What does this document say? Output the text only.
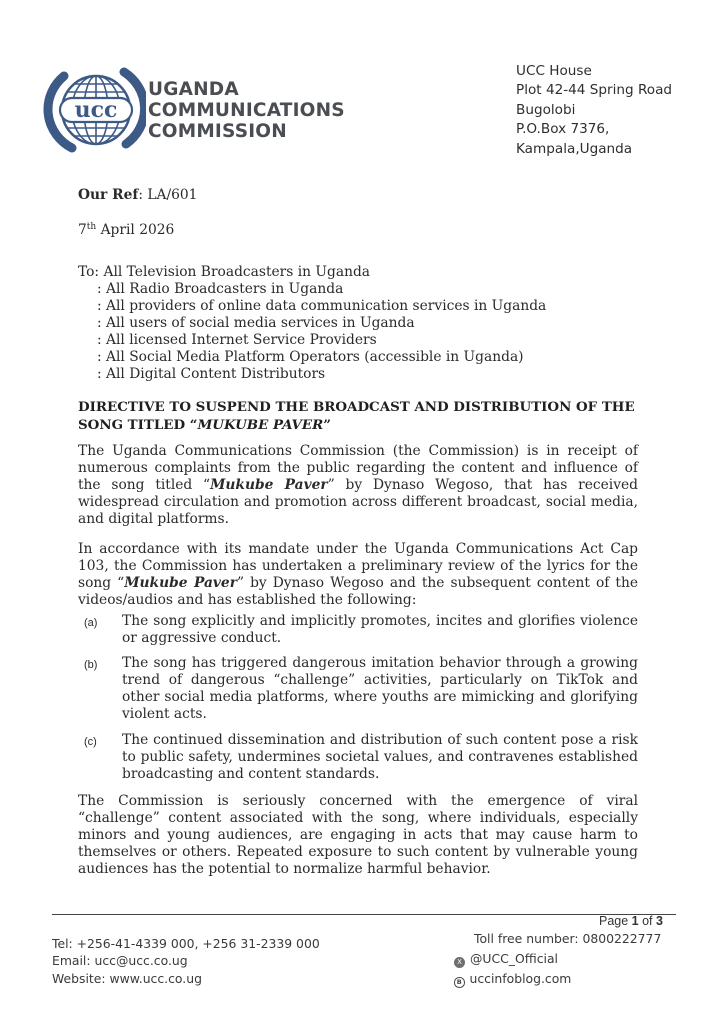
ucc
UGANDA
COMMUNICATIONS
COMMISSION
UCC House
Plot 42-44 Spring Road
Bugolobi
P.O.Box 7376,
Kampala,Uganda
Our Ref: LA/601
7th April 2026
To: All Television Broadcasters in Uganda
: All Radio Broadcasters in Uganda
: All providers of online data communication services in Uganda
: All users of social media services in Uganda
: All licensed Internet Service Providers
: All Social Media Platform Operators (accessible in Uganda)
: All Digital Content Distributors
DIRECTIVE TO SUSPEND THE BROADCAST AND DISTRIBUTION OF THE SONG TITLED “MUKUBE PAVER”
The Uganda Communications Commission (the Commission) is in receipt of numerous complaints from the public regarding the content and influence of the song titled “Mukube Paver” by Dynaso Wegoso, that has received widespread circulation and promotion across different broadcast, social media, and digital platforms.
In accordance with its mandate under the Uganda Communications Act Cap 103, the Commission has undertaken a preliminary review of the lyrics for the song “Mukube Paver” by Dynaso Wegoso and the subsequent content of the videos/audios and has established the following:
(a) The song explicitly and implicitly promotes, incites and glorifies violence or aggressive conduct.
(b) The song has triggered dangerous imitation behavior through a growing trend of dangerous “challenge” activities, particularly on TikTok and other social media platforms, where youths are mimicking and glorifying violent acts.
(c) The continued dissemination and distribution of such content pose a risk to public safety, undermines societal values, and contravenes established broadcasting and content standards.
The Commission is seriously concerned with the emergence of viral “challenge” content associated with the song, where individuals, especially minors and young audiences, are engaging in acts that may cause harm to themselves or others. Repeated exposure to such content by vulnerable young audiences has the potential to normalize harmful behavior.
Page 1 of 3
Tel: +256-41-4339 000, +256 31-2339 000
Email: ucc@ucc.co.ug
Website: www.ucc.co.ug
Toll free number: 0800222777
X @UCC_Official
B uccinfoblog.com
